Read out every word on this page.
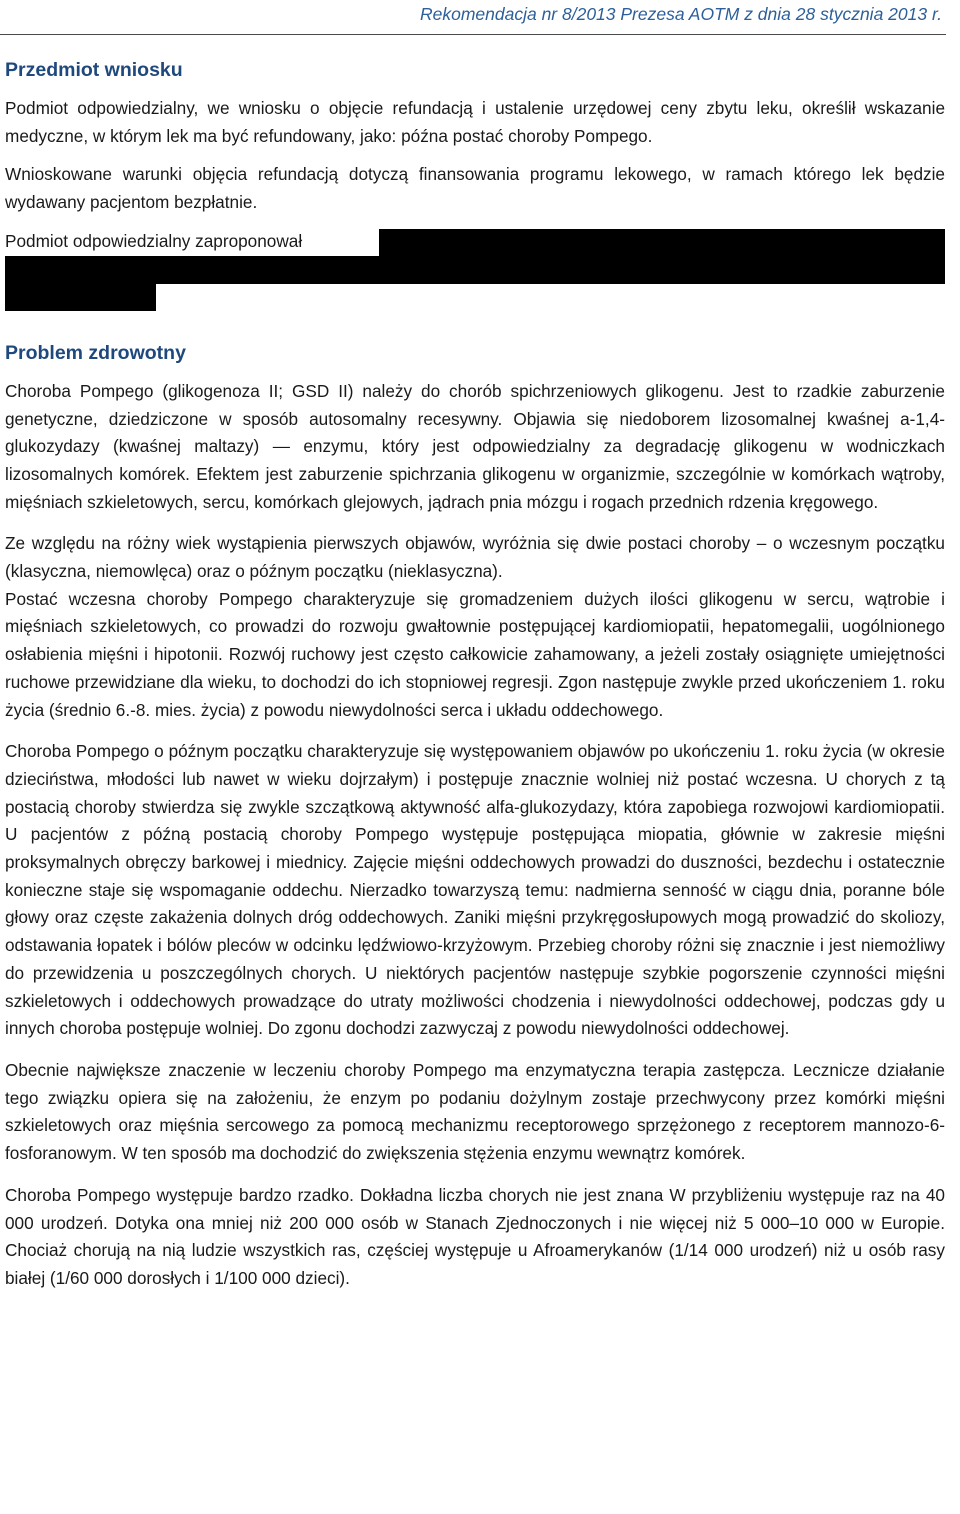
Rekomendacja nr 8/2013 Prezesa AOTM z dnia 28 stycznia 2013 r.
Przedmiot wniosku

Podmiot odpowiedzialny, we wniosku o objęcie refundacją i ustalenie urzędowej ceny zbytu leku, określił wskazanie medyczne, w którym lek ma być refundowany, jako: późna postać choroby Pompego.

Wnioskowane warunki objęcia refundacją dotyczą finansowania programu lekowego, w ramach którego lek będzie wydawany pacjentom bezpłatnie.

Podmiot odpowiedzialny zaproponował
Problem zdrowotny

Choroba Pompego (glikogenoza II; GSD II) należy do chorób spichrzeniowych glikogenu. Jest to rzadkie zaburzenie genetyczne, dziedziczone w sposób autosomalny recesywny. Objawia się niedoborem lizosomalnej kwaśnej a-1,4-glukozydazy (kwaśnej maltazy) — enzymu, który jest odpowiedzialny za degradację glikogenu w wodniczkach lizosomalnych komórek. Efektem jest zaburzenie spichrzania glikogenu w organizmie, szczególnie w komórkach wątroby, mięśniach szkieletowych, sercu, komórkach glejowych, jądrach pnia mózgu i rogach przednich rdzenia kręgowego.

Ze względu na różny wiek wystąpienia pierwszych objawów, wyróżnia się dwie postaci choroby – o wczesnym początku (klasyczna, niemowlęca) oraz o późnym początku (nieklasyczna).

Postać wczesna choroby Pompego charakteryzuje się gromadzeniem dużych ilości glikogenu w sercu, wątrobie i mięśniach szkieletowych, co prowadzi do rozwoju gwałtownie postępującej kardiomiopatii, hepatomegalii, uogólnionego osłabienia mięśni i hipotonii. Rozwój ruchowy jest często całkowicie zahamowany, a jeżeli zostały osiągnięte umiejętności ruchowe przewidziane dla wieku, to dochodzi do ich stopniowej regresji. Zgon następuje zwykle przed ukończeniem 1. roku życia (średnio 6.-8. mies. życia) z powodu niewydolności serca i układu oddechowego.

Choroba Pompego o późnym początku charakteryzuje się występowaniem objawów po ukończeniu 1. roku życia (w okresie dzieciństwa, młodości lub nawet w wieku dojrzałym) i postępuje znacznie wolniej niż postać wczesna. U chorych z tą postacią choroby stwierdza się zwykle szczątkową aktywność alfa-glukozydazy, która zapobiega rozwojowi kardiomiopatii. U pacjentów z późną postacią choroby Pompego występuje postępująca miopatia, głównie w zakresie mięśni proksymalnych obręczy barkowej i miednicy. Zajęcie mięśni oddechowych prowadzi do duszności, bezdechu i ostatecznie konieczne staje się wspomaganie oddechu. Nierzadko towarzyszą temu: nadmierna senność w ciągu dnia, poranne bóle głowy oraz częste zakażenia dolnych dróg oddechowych. Zaniki mięśni przykręgosłupowych mogą prowadzić do skoliozy, odstawania łopatek i bólów pleców w odcinku lędźwiowo-krzyżowym. Przebieg choroby różni się znacznie i jest niemożliwy do przewidzenia u poszczególnych chorych. U niektórych pacjentów następuje szybkie pogorszenie czynności mięśni szkieletowych i oddechowych prowadzące do utraty możliwości chodzenia i niewydolności oddechowej, podczas gdy u innych choroba postępuje wolniej. Do zgonu dochodzi zazwyczaj z powodu niewydolności oddechowej.

Obecnie największe znaczenie w leczeniu choroby Pompego ma enzymatyczna terapia zastępcza. Lecznicze działanie tego związku opiera się na założeniu, że enzym po podaniu dożylnym zostaje przechwycony przez komórki mięśni szkieletowych oraz mięśnia sercowego za pomocą mechanizmu receptorowego sprzężonego z receptorem mannozo-6-fosforanowym. W ten sposób ma dochodzić do zwiększenia stężenia enzymu wewnątrz komórek.

Choroba Pompego występuje bardzo rzadko. Dokładna liczba chorych nie jest znana W przybliżeniu występuje raz na 40 000 urodzeń. Dotyka ona mniej niż 200 000 osób w Stanach Zjednoczonych i nie więcej niż 5 000–10 000 w Europie. Chociaż chorują na nią ludzie wszystkich ras, częściej występuje u Afroamerykanów (1/14 000 urodzeń) niż u osób rasy białej (1/60 000 dorosłych i 1/100 000 dzieci).
